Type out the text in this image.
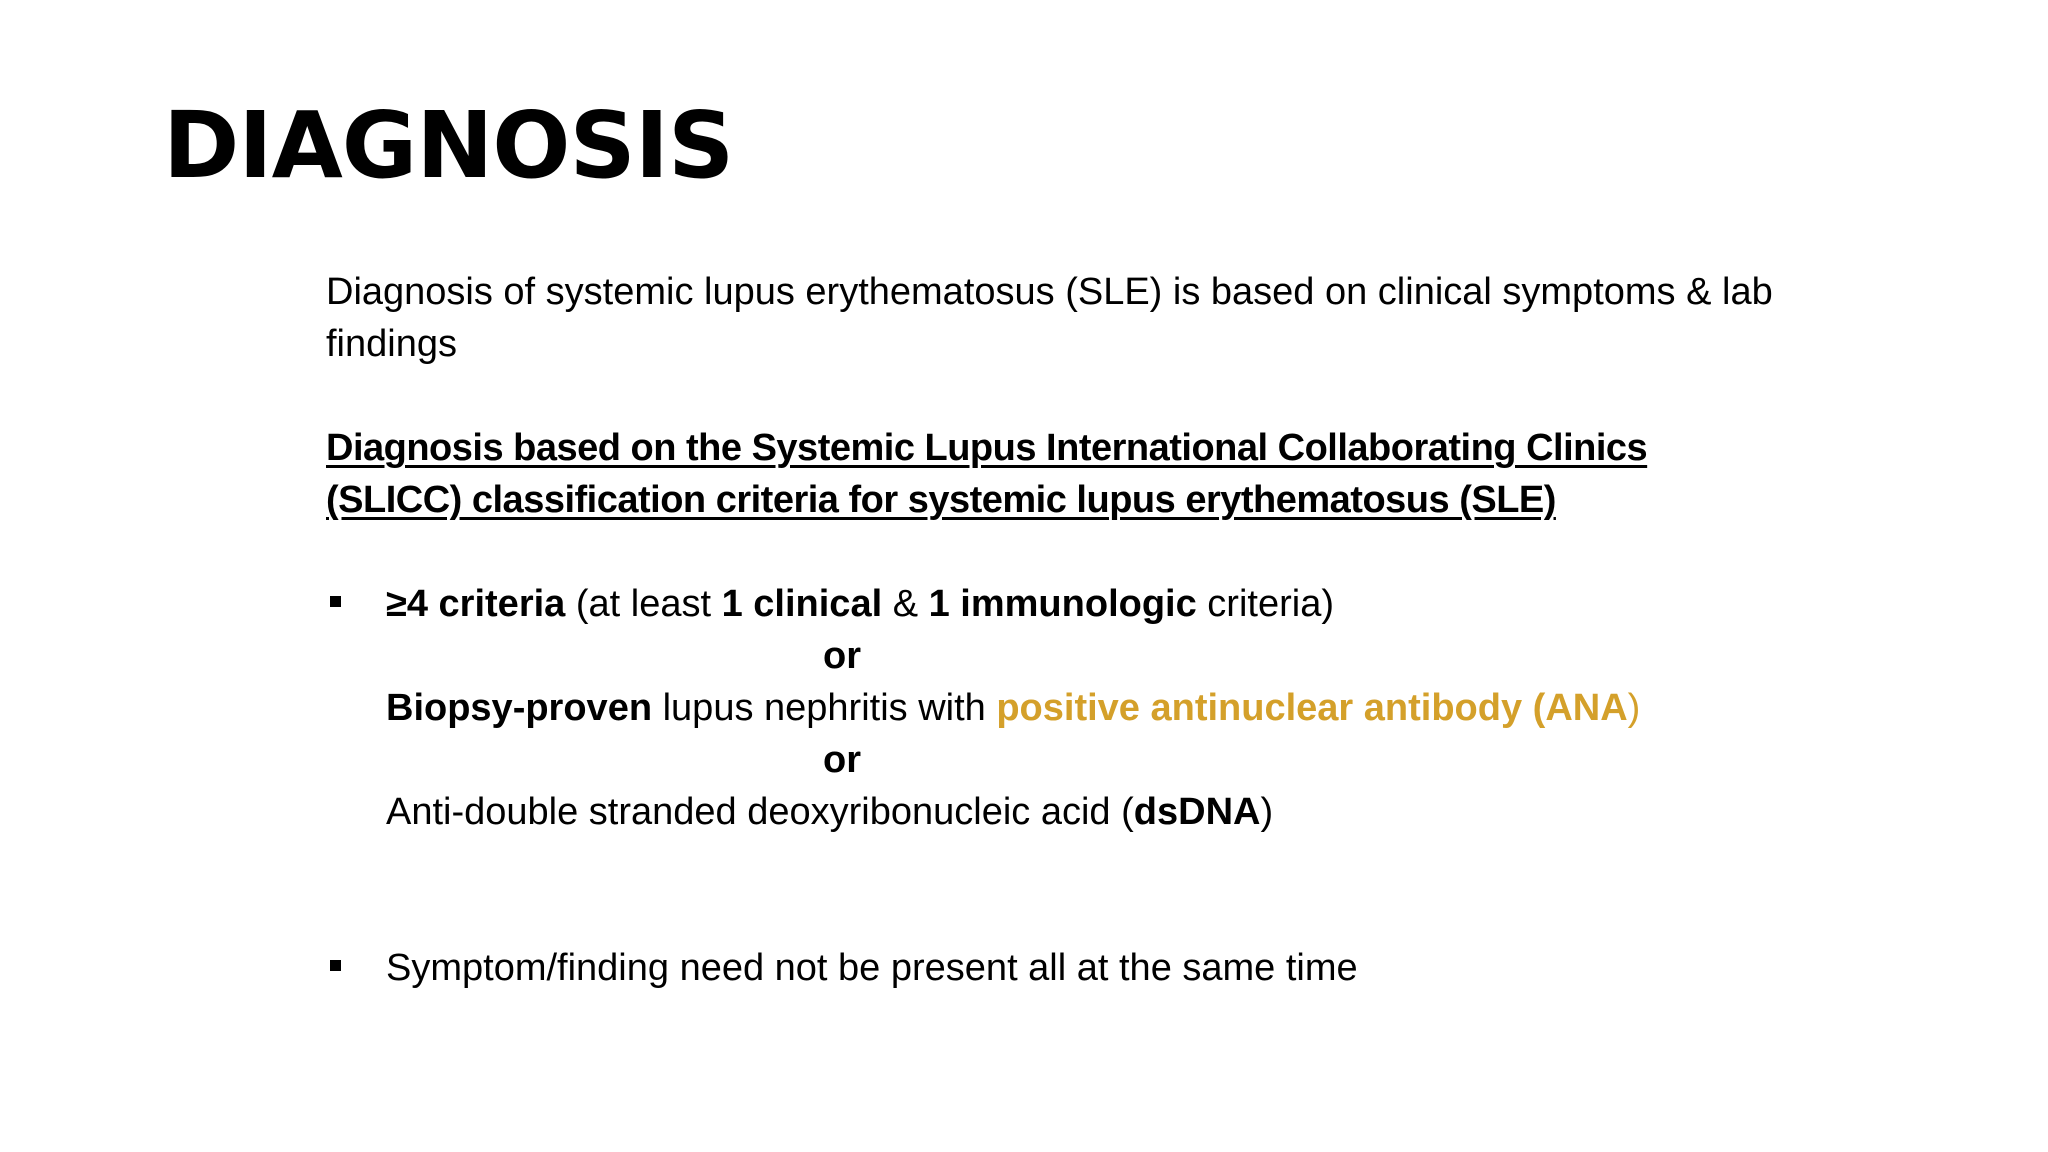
DIAGNOSIS

Diagnosis of systemic lupus erythematosus (SLE) is based on clinical symptoms & lab findings

Diagnosis based on the Systemic Lupus International Collaborating Clinics (SLICC) classification criteria for systemic lupus erythematosus (SLE)

≥4 criteria (at least 1 clinical & 1 immunologic criteria)
or
Biopsy-proven lupus nephritis with positive antinuclear antibody (ANA)
or
Anti-double stranded deoxyribonucleic acid (dsDNA)
Symptom/finding need not be present all at the same time
